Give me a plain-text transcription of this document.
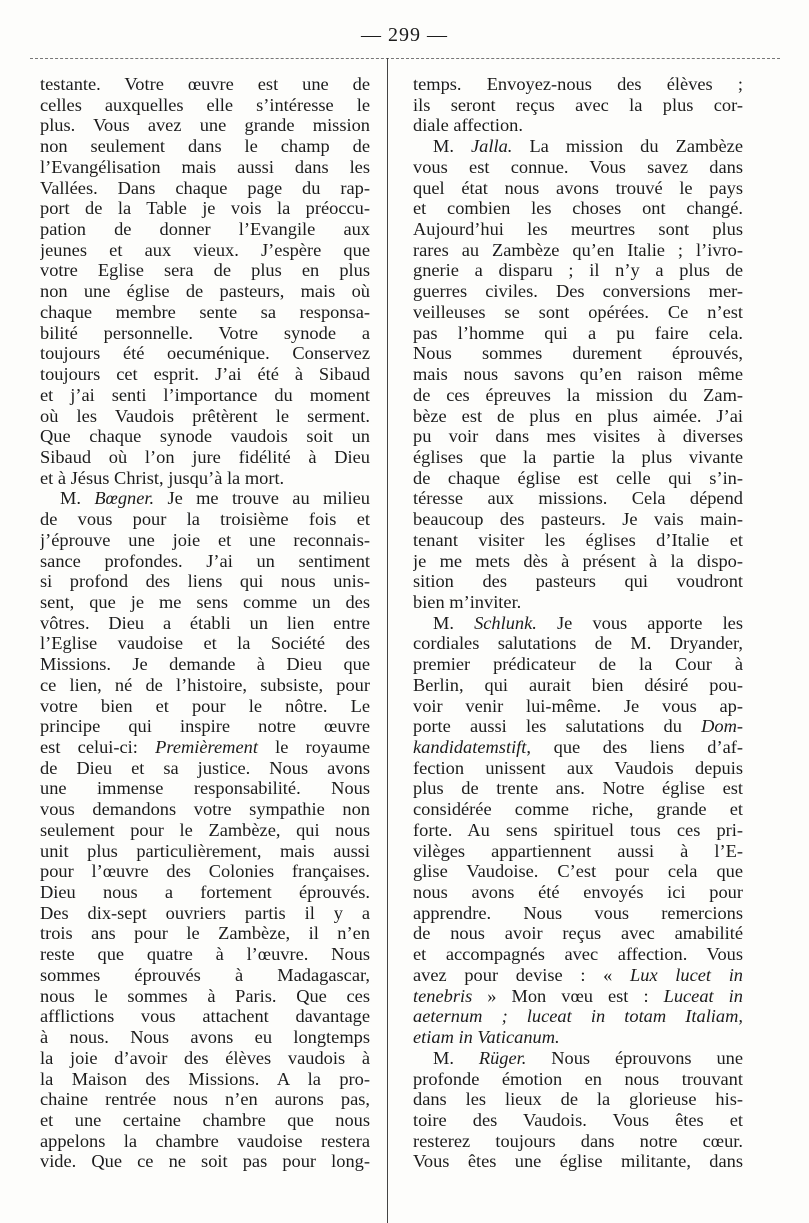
— 299 —
testante. Votre œuvre est une de
celles auxquelles elle s’intéresse le
plus. Vous avez une grande mission
non seulement dans le champ de
l’Evangélisation mais aussi dans les
Vallées. Dans chaque page du rap-
port de la Table je vois la préoccu-
pation de donner l’Evangile aux
jeunes et aux vieux. J’espère que
votre Eglise sera de plus en plus
non une église de pasteurs, mais où
chaque membre sente sa responsa-
bilité personnelle. Votre synode a
toujours été oecuménique. Conservez
toujours cet esprit. J’ai été à Sibaud
et j’ai senti l’importance du moment
où les Vaudois prêtèrent le serment.
Que chaque synode vaudois soit un
Sibaud où l’on jure fidélité à Dieu
et à Jésus Christ, jusqu’à la mort.
M. Bœgner. Je me trouve au milieu
de vous pour la troisième fois et
j’éprouve une joie et une reconnais-
sance profondes. J’ai un sentiment
si profond des liens qui nous unis-
sent, que je me sens comme un des
vôtres. Dieu a établi un lien entre
l’Eglise vaudoise et la Société des
Missions. Je demande à Dieu que
ce lien, né de l’histoire, subsiste, pour
votre bien et pour le nôtre. Le
principe qui inspire notre œuvre
est celui-ci: Premièrement le royaume
de Dieu et sa justice. Nous avons
une immense responsabilité. Nous
vous demandons votre sympathie non
seulement pour le Zambèze, qui nous
unit plus particulièrement, mais aussi
pour l’œuvre des Colonies françaises.
Dieu nous a fortement éprouvés.
Des dix-sept ouvriers partis il y a
trois ans pour le Zambèze, il n’en
reste que quatre à l’œuvre. Nous
sommes éprouvés à Madagascar,
nous le sommes à Paris. Que ces
afflictions vous attachent davantage
à nous. Nous avons eu longtemps
la joie d’avoir des élèves vaudois à
la Maison des Missions. A la pro-
chaine rentrée nous n’en aurons pas,
et une certaine chambre que nous
appelons la chambre vaudoise restera
vide. Que ce ne soit pas pour long-
temps. Envoyez-nous des élèves ;
ils seront reçus avec la plus cor-
diale affection.
M. Jalla. La mission du Zambèze
vous est connue. Vous savez dans
quel état nous avons trouvé le pays
et combien les choses ont changé.
Aujourd’hui les meurtres sont plus
rares au Zambèze qu’en Italie ; l’ivro-
gnerie a disparu ; il n’y a plus de
guerres civiles. Des conversions mer-
veilleuses se sont opérées. Ce n’est
pas l’homme qui a pu faire cela.
Nous sommes durement éprouvés,
mais nous savons qu’en raison même
de ces épreuves la mission du Zam-
bèze est de plus en plus aimée. J’ai
pu voir dans mes visites à diverses
églises que la partie la plus vivante
de chaque église est celle qui s’in-
téresse aux missions. Cela dépend
beaucoup des pasteurs. Je vais main-
tenant visiter les églises d’Italie et
je me mets dès à présent à la dispo-
sition des pasteurs qui voudront
bien m’inviter.
M. Schlunk. Je vous apporte les
cordiales salutations de M. Dryander,
premier prédicateur de la Cour à
Berlin, qui aurait bien désiré pou-
voir venir lui-même. Je vous ap-
porte aussi les salutations du Dom-
kandidatemstift, que des liens d’af-
fection unissent aux Vaudois depuis
plus de trente ans. Notre église est
considérée comme riche, grande et
forte. Au sens spirituel tous ces pri-
vilèges appartiennent aussi à l’E-
glise Vaudoise. C’est pour cela que
nous avons été envoyés ici pour
apprendre. Nous vous remercions
de nous avoir reçus avec amabilité
et accompagnés avec affection. Vous
avez pour devise : « Lux lucet in
tenebris » Mon vœu est : Luceat in
aeternum ; luceat in totam Italiam,
etiam in Vaticanum.
M. Rüger. Nous éprouvons une
profonde émotion en nous trouvant
dans les lieux de la glorieuse his-
toire des Vaudois. Vous êtes et
resterez toujours dans notre cœur.
Vous êtes une église militante, dans
